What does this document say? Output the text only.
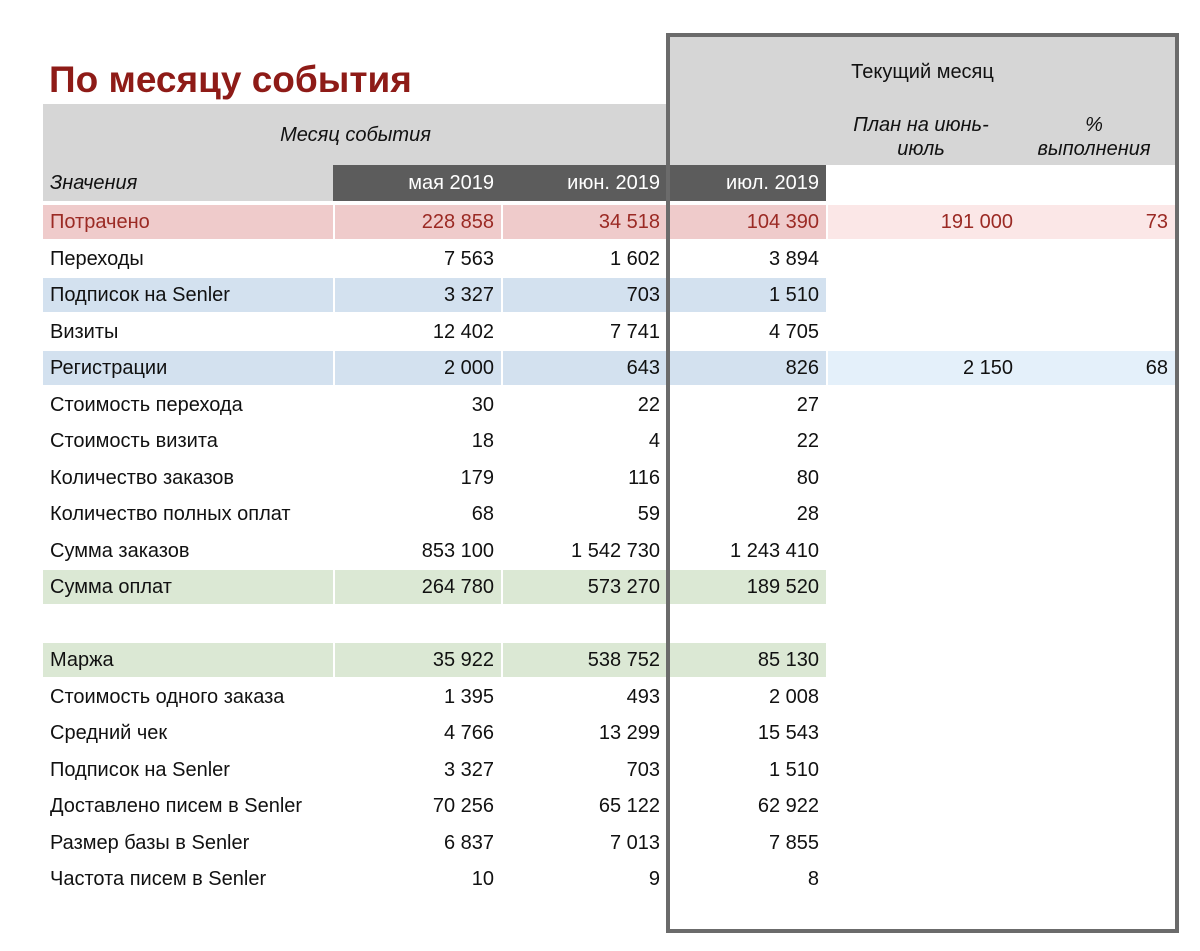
По месяцу события
Месяц события
Текущий месяц
План на июнь-
июль
%
выполнения
Значения	мая 2019	июн. 2019	июл. 2019
Потрачено	228 858	34 518	104 390	191 000	73
Переходы	7 563	1 602	3 894
Подписок на Senler	3 327	703	1 510
Визиты	12 402	7 741	4 705
Регистрации	2 000	643	826	2 150	68
Стоимость перехода	30	22	27
Стоимость визита	18	4	22
Количество заказов	179	116	80
Количество полных оплат	68	59	28
Сумма заказов	853 100	1 542 730	1 243 410
Сумма оплат	264 780	573 270	189 520
Маржа	35 922	538 752	85 130
Стоимость одного заказа	1 395	493	2 008
Средний чек	4 766	13 299	15 543
Подписок на Senler	3 327	703	1 510
Доставлено писем в Senler	70 256	65 122	62 922
Размер базы в Senler	6 837	7 013	7 855
Частота писем в Senler	10	9	8
